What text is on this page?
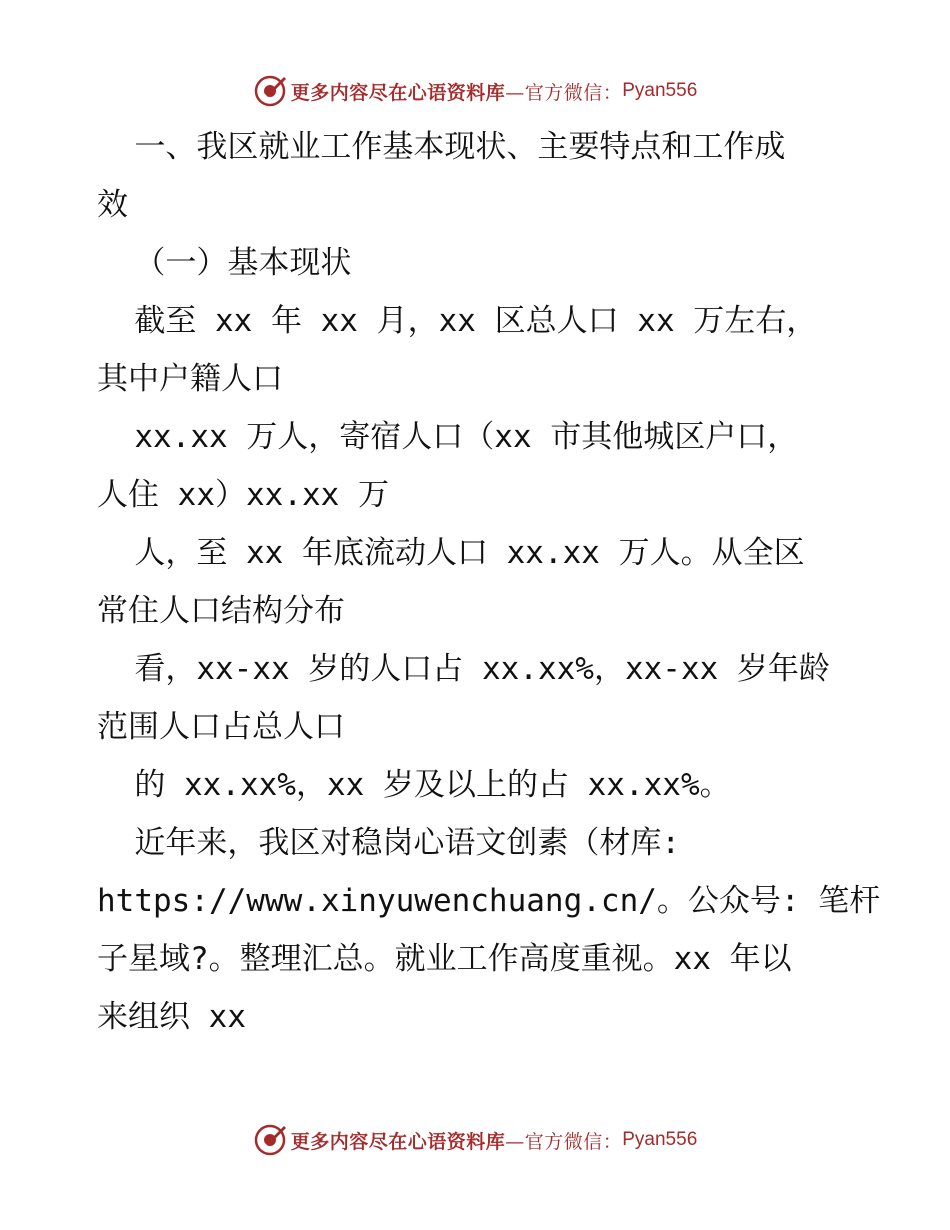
更多内容尽在心语资料库 —官方微信： Pyan556
一、我区就业工作基本现状、主要特点和工作成
效
（一）基本现状
截至 xx 年 xx 月，xx 区总人口 xx 万左右，
其中户籍人口
xx.xx 万人，寄宿人口（xx 市其他城区户口，
人住 xx）xx.xx 万
人，至 xx 年底流动人口 xx.xx 万人。从全区
常住人口结构分布
看，xx-xx 岁的人口占 xx.xx%，xx-xx 岁年龄
范围人口占总人口
的 xx.xx%，xx 岁及以上的占 xx.xx%。
近年来，我区对稳岗心语文创素（材库:
https://www.xinyuwenchuang.cn/。公众号: 笔杆
子星域?。整理汇总。就业工作高度重视。xx 年以
来组织 xx
更多内容尽在心语资料库 —官方微信： Pyan556
